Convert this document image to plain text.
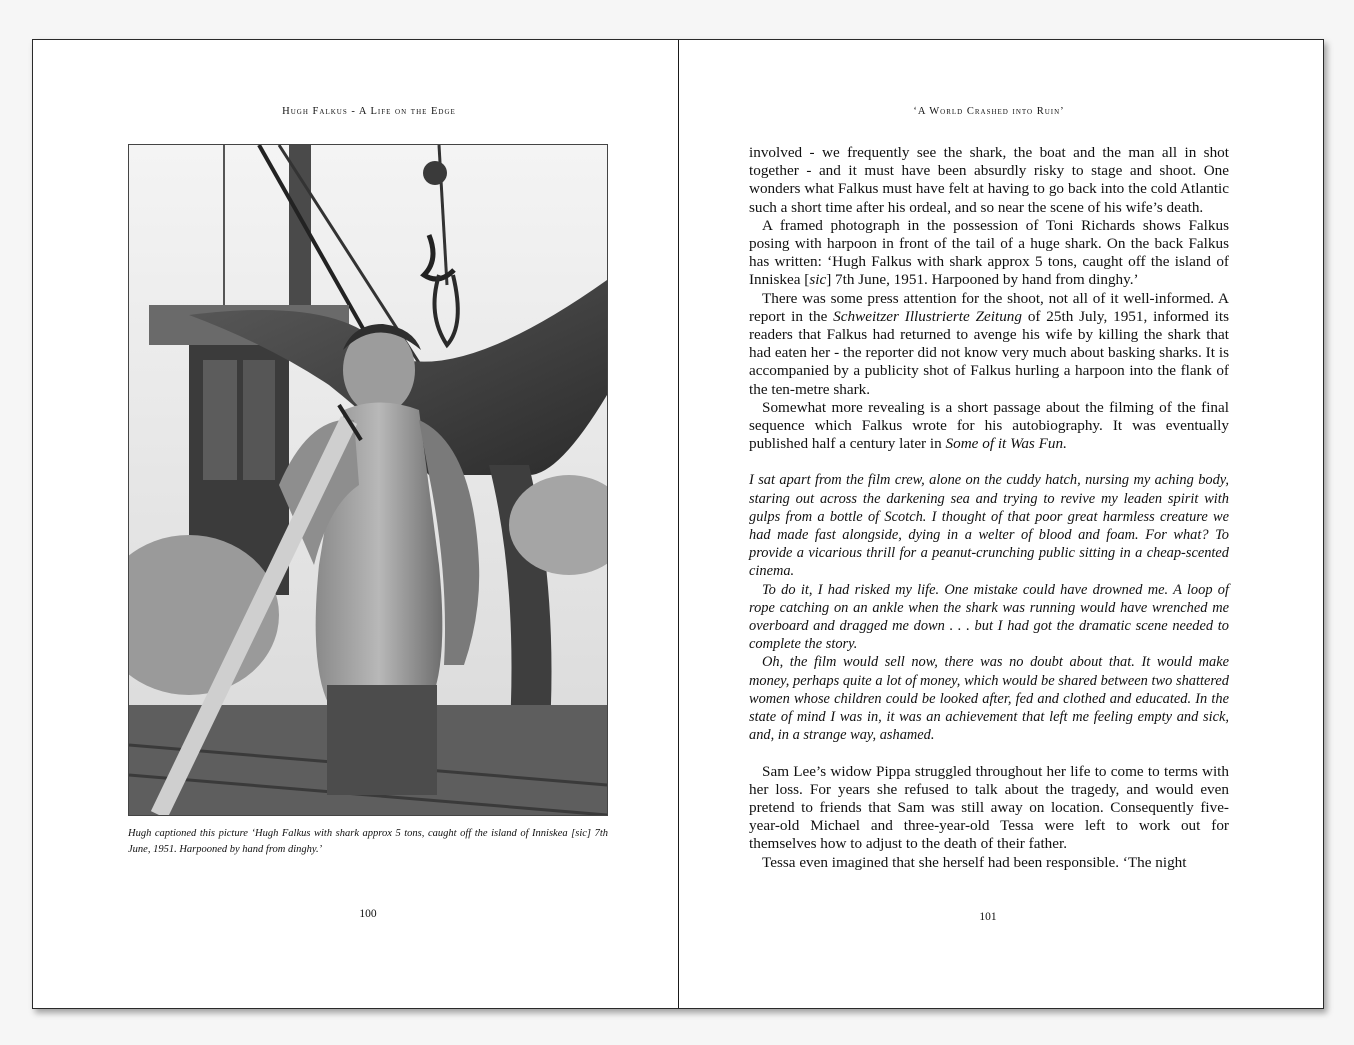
Hugh Falkus - A Life on the Edge
Hugh captioned this picture ‘Hugh Falkus with shark approx 5 tons, caught off the island of Inniskea [sic] 7th June, 1951. Harpooned by hand from dinghy.’
100
‘A World Crashed into Ruin’

involved - we frequently see the shark, the boat and the man all in shot together - and it must have been absurdly risky to stage and shoot. One wonders what Falkus must have felt at having to go back into the cold Atlantic such a short time after his ordeal, and so near the scene of his wife’s death.

A framed photograph in the possession of Toni Richards shows Falkus posing with harpoon in front of the tail of a huge shark. On the back Falkus has written: ‘Hugh Falkus with shark approx 5 tons, caught off the island of Inniskea [sic] 7th June, 1951. Harpooned by hand from dinghy.’

There was some press attention for the shoot, not all of it well-informed. A report in the Schweitzer Illustrierte Zeitung of 25th July, 1951, informed its readers that Falkus had returned to avenge his wife by killing the shark that had eaten her - the reporter did not know very much about basking sharks. It is accompanied by a publicity shot of Falkus hurling a harpoon into the flank of the ten-metre shark.

Somewhat more revealing is a short passage about the filming of the final sequence which Falkus wrote for his autobiography. It was eventually published half a century later in Some of it Was Fun.

I sat apart from the film crew, alone on the cuddy hatch, nursing my aching body, staring out across the darkening sea and trying to revive my leaden spirit with gulps from a bottle of Scotch. I thought of that poor great harmless creature we had made fast alongside, dying in a welter of blood and foam. For what? To provide a vicarious thrill for a peanut-crunching public sitting in a cheap-scented cinema.

To do it, I had risked my life. One mistake could have drowned me. A loop of rope catching on an ankle when the shark was running would have wrenched me overboard and dragged me down . . . but I had got the dramatic scene needed to complete the story.

Oh, the film would sell now, there was no doubt about that. It would make money, perhaps quite a lot of money, which would be shared between two shattered women whose children could be looked after, fed and clothed and educated. In the state of mind I was in, it was an achievement that left me feeling empty and sick, and, in a strange way, ashamed.

Sam Lee’s widow Pippa struggled throughout her life to come to terms with her loss. For years she refused to talk about the tragedy, and would even pretend to friends that Sam was still away on location. Consequently five-year-old Michael and three-year-old Tessa were left to work out for themselves how to adjust to the death of their father.

Tessa even imagined that she herself had been responsible. ‘The night

101
